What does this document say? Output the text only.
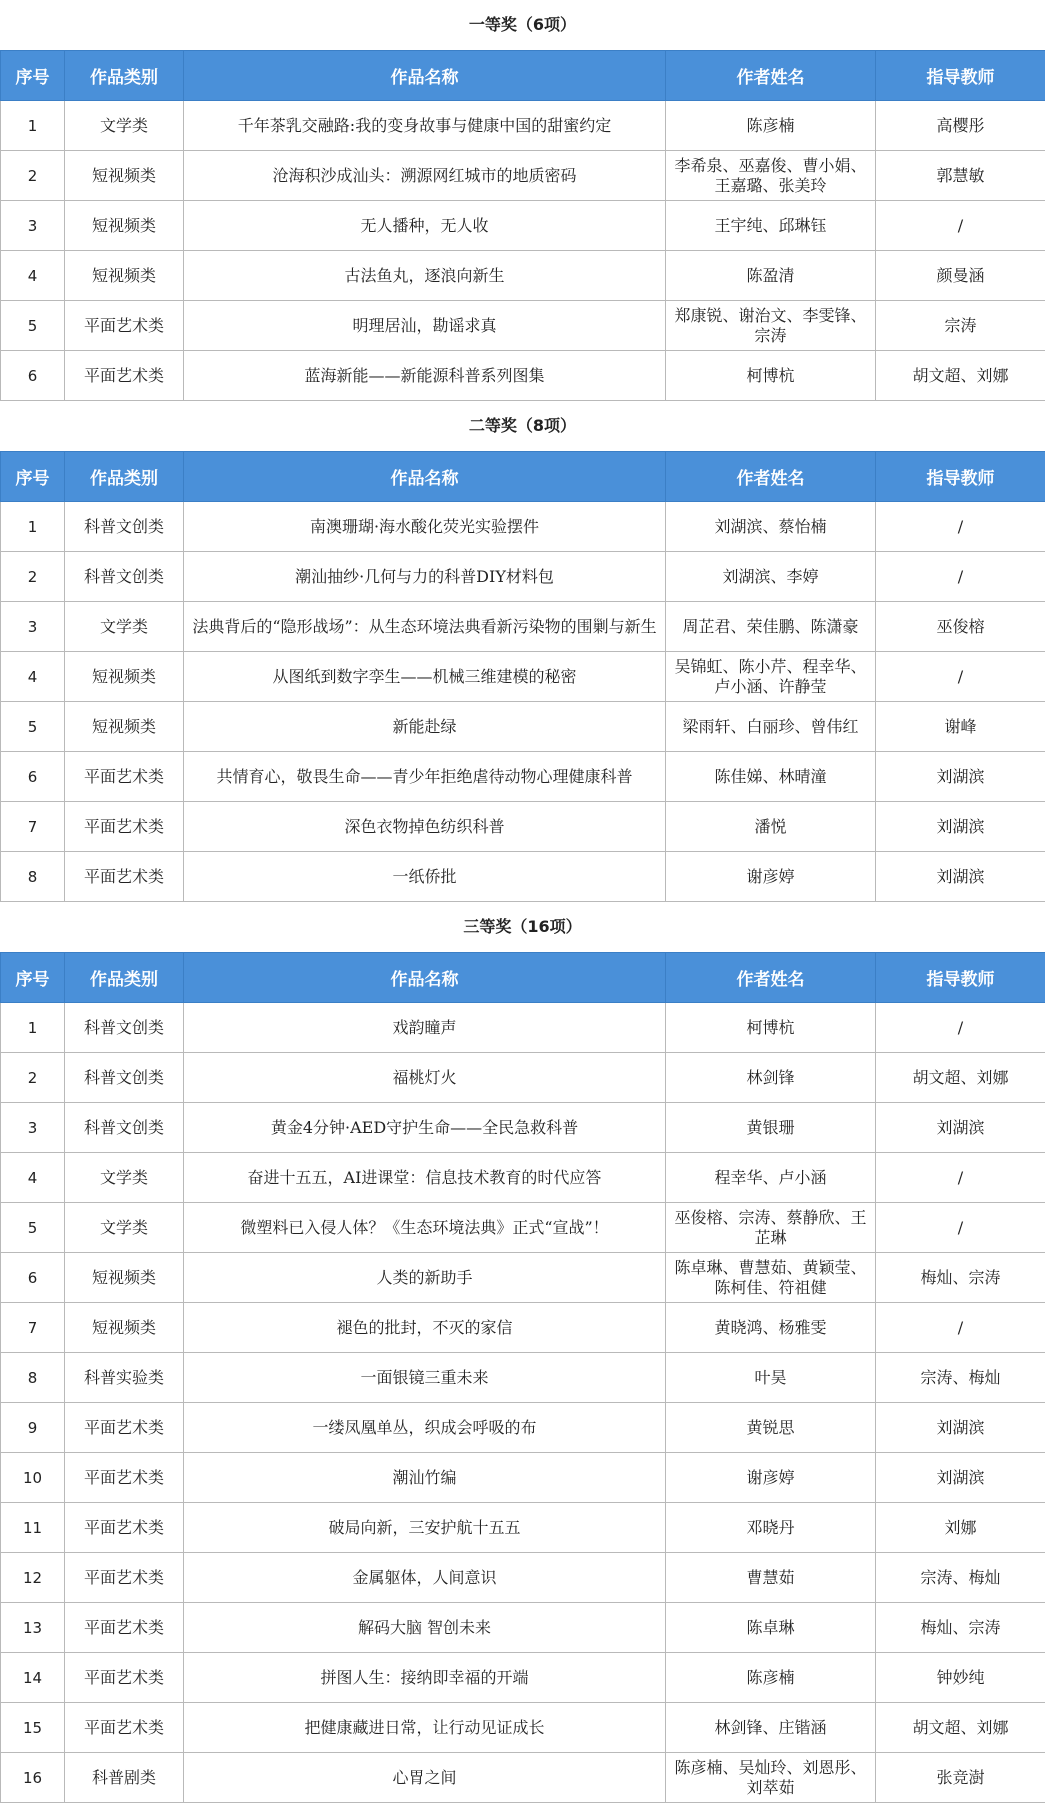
一等奖（6项）
序号	作品类别	作品名称	作者姓名	指导教师
1	文学类	千年茶乳交融路:我的变身故事与健康中国的甜蜜约定	陈彦楠	高樱彤
2	短视频类	沧海积沙成汕头：溯源网红城市的地质密码	李希泉、巫嘉俊、曹小娟、王嘉璐、张美玲	郭慧敏
3	短视频类	无人播种，无人收	王宇纯、邱琳钰	/
4	短视频类	古法鱼丸，逐浪向新生	陈盈清	颜曼涵
5	平面艺术类	明理居汕，勘谣求真	郑康锐、谢治文、李雯锋、宗涛	宗涛
6	平面艺术类	蓝海新能——新能源科普系列图集	柯博杭	胡文超、刘娜
二等奖（8项）
序号	作品类别	作品名称	作者姓名	指导教师
1	科普文创类	南澳珊瑚·海水酸化荧光实验摆件	刘湖滨、蔡怡楠	/
2	科普文创类	潮汕抽纱·几何与力的科普DIY材料包	刘湖滨、李婷	/
3	文学类	法典背后的“隐形战场”：从生态环境法典看新污染物的围剿与新生	周芷君、荣佳鹏、陈潇豪	巫俊榕
4	短视频类	从图纸到数字孪生——机械三维建模的秘密	吴锦虹、陈小芹、程幸华、卢小涵、许静莹	/
5	短视频类	新能赴绿	梁雨轩、白丽珍、曾伟红	谢峰
6	平面艺术类	共情育心，敬畏生命——青少年拒绝虐待动物心理健康科普	陈佳娣、林晴潼	刘湖滨
7	平面艺术类	深色衣物掉色纺织科普	潘悦	刘湖滨
8	平面艺术类	一纸侨批	谢彦婷	刘湖滨
三等奖（16项）
序号	作品类别	作品名称	作者姓名	指导教师
1	科普文创类	戏韵瞳声	柯博杭	/
2	科普文创类	福桃灯火	林剑锋	胡文超、刘娜
3	科普文创类	黄金4分钟·AED守护生命——全民急救科普	黄银珊	刘湖滨
4	文学类	奋进十五五，AI进课堂：信息技术教育的时代应答	程幸华、卢小涵	/
5	文学类	微塑料已入侵人体？《生态环境法典》正式“宣战”！	巫俊榕、宗涛、蔡静欣、王芷琳	/
6	短视频类	人类的新助手	陈卓琳、曹慧茹、黄颖莹、陈柯佳、符祖健	梅灿、宗涛
7	短视频类	褪色的批封，不灭的家信	黄晓鸿、杨雅雯	/
8	科普实验类	一面银镜三重未来	叶昊	宗涛、梅灿
9	平面艺术类	一缕凤凰单丛，织成会呼吸的布	黄锐思	刘湖滨
10	平面艺术类	潮汕竹编	谢彦婷	刘湖滨
11	平面艺术类	破局向新，三安护航十五五	邓晓丹	刘娜
12	平面艺术类	金属躯体，人间意识	曹慧茹	宗涛、梅灿
13	平面艺术类	解码大脑 智创未来	陈卓琳	梅灿、宗涛
14	平面艺术类	拼图人生：接纳即幸福的开端	陈彦楠	钟妙纯
15	平面艺术类	把健康藏进日常，让行动见证成长	林剑锋、庄锴涵	胡文超、刘娜
16	科普剧类	心胃之间	陈彦楠、吴灿玲、刘恩彤、刘萃茹	张竞澍
